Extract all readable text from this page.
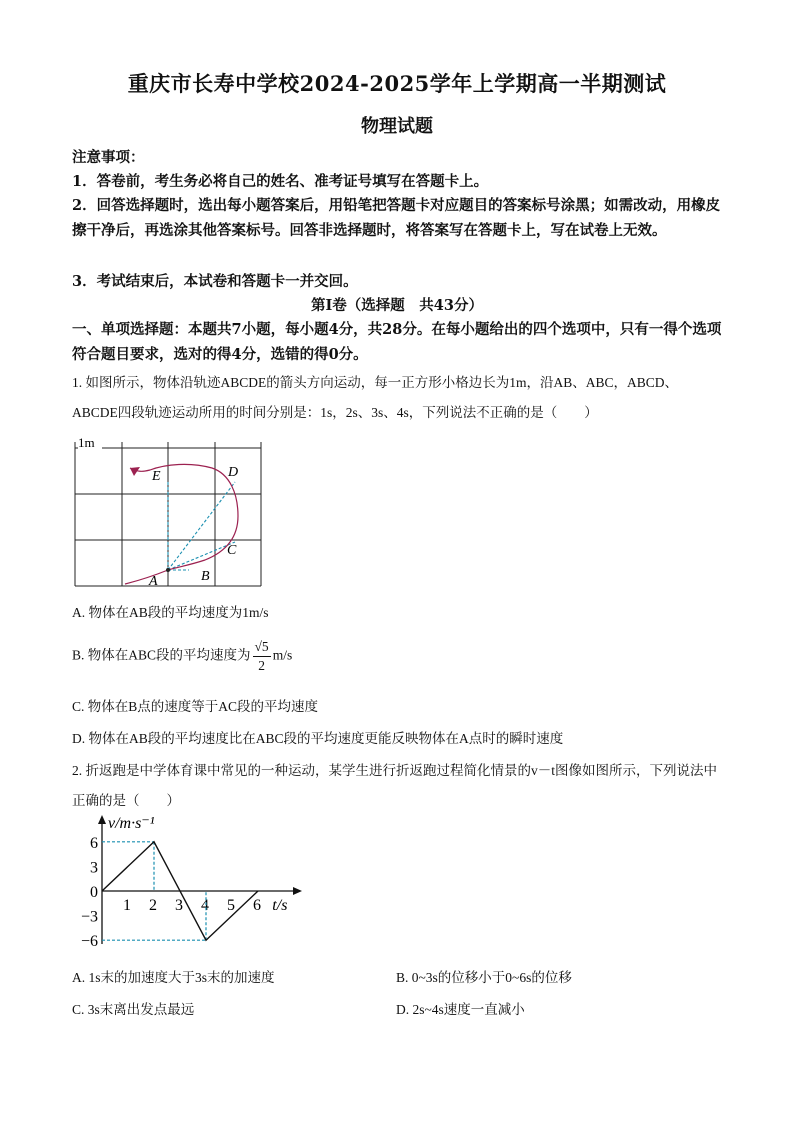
重庆市长寿中学校2024-2025学年上学期高一半期测试
物理试题
注意事项：
1．答卷前，考生务必将自己的姓名、准考证号填写在答题卡上。
2．回答选择题时，选出每小题答案后，用铅笔把答题卡对应题目的答案标号涂黑；如需改动，用橡皮擦干净后，再选涂其他答案标号。回答非选择题时，将答案写在答题卡上，写在试卷上无效。
3．考试结束后，本试卷和答题卡一并交回。
第Ⅰ卷（选择题　共43分）
一、单项选择题：本题共7小题，每小题4分，共28分。在每小题给出的四个选项中，只有一得个选项符合题目要求，选对的得4分，选错的得0分。
1. 如图所示，物体沿轨迹ABCDE的箭头方向运动，每一正方形小格边长为1m，沿AB、ABC，ABCD、ABCDE四段轨迹运动所用的时间分别是：1s，2s、3s、4s，下列说法不正确的是（　　）
1m
A	B
C
D
E
A. 物体在AB段的平均速度为1m/s
B. 物体在ABC段的平均速度为 $\frac{√5}{2} m/s$
C. 物体在B点的速度等于AC段的平均速度
D. 物体在AB段的平均速度比在ABC段的平均速度更能反映物体在A点时的瞬时速度
2. 折返跑是中学体育课中常见的一种运动，某学生进行折返跑过程简化情景的v－t图像如图所示，下列说法中正确的是（　　）
v/m·s⁻¹
t/s
1 2 3 4 5 6
6
3
0
−3
−6
A. 1s末的加速度大于3s末的加速度	B. 0~3s的位移小于0~6s的位移
C. 3s末离出发点最远	D. 2s~4s速度一直减小
